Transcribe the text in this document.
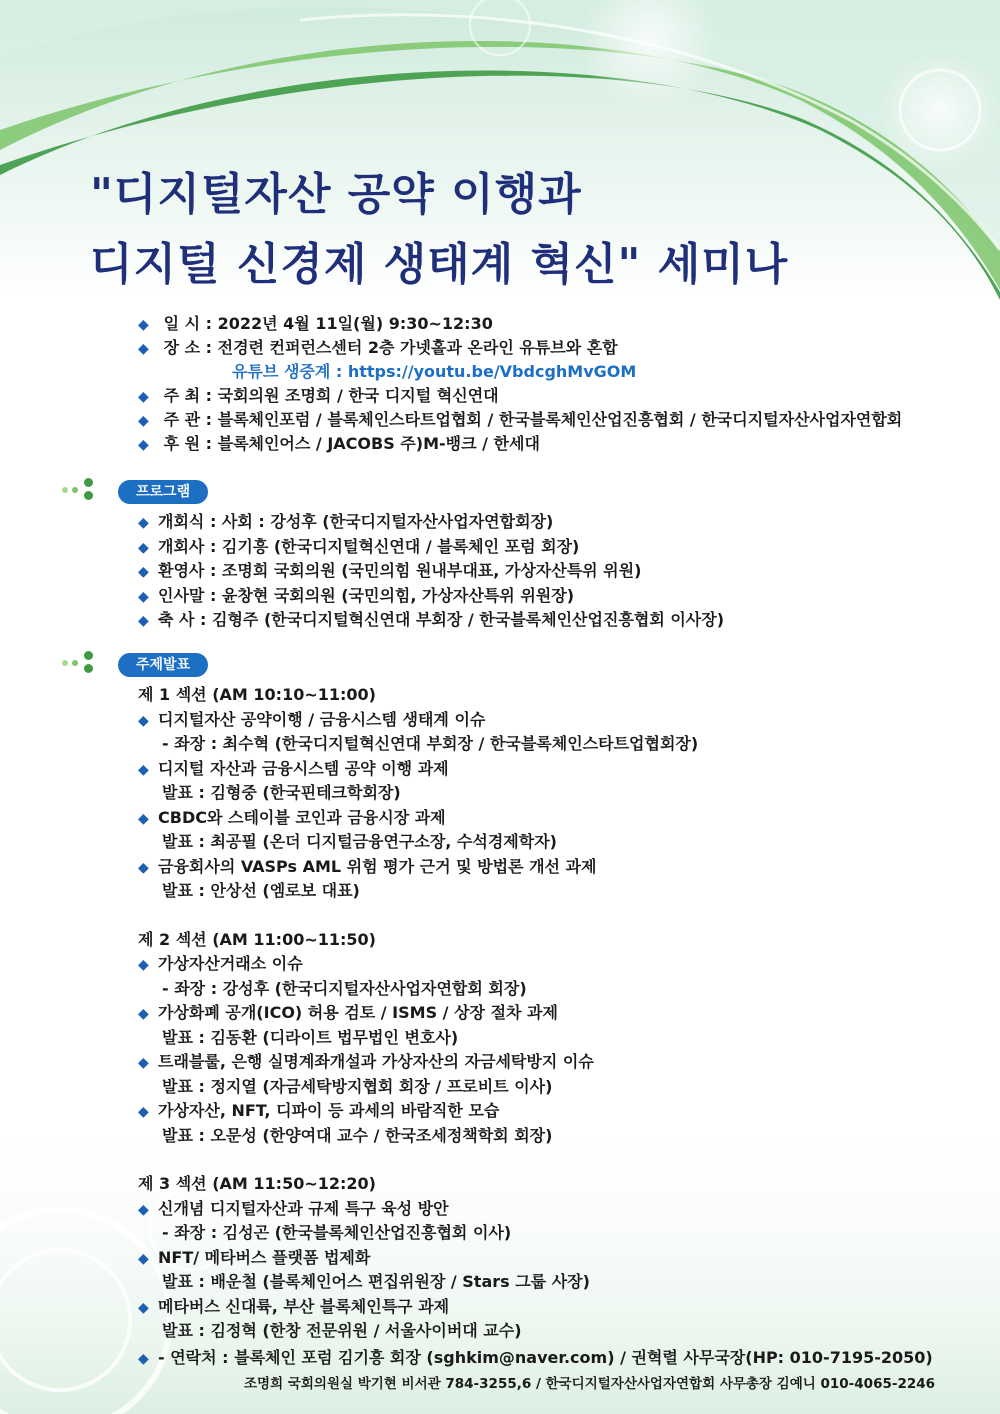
"디지털자산 공약 이행과
디지털 신경제 생태계 혁신" 세미나
◆ 일 시 : 2022년 4월 11일(월) 9:30~12:30
◆ 장 소 : 전경련 컨퍼런스센터 2층 가넷홀과 온라인 유튜브와 혼합
유튜브 생중계 : https://youtu.be/VbdcghMvGOM
◆ 주 최 : 국회의원 조명희 / 한국 디지털 혁신연대
◆ 주 관 : 블록체인포럼 / 블록체인스타트업협회 / 한국블록체인산업진흥협회 / 한국디지털자산사업자연합회
◆ 후 원 : 블록체인어스 / JACOBS 주)M-뱅크 / 한세대
프로그램
◆ 개회식 : 사회 : 강성후 (한국디지털자산사업자연합회장)
◆ 개회사 : 김기흥 (한국디지털혁신연대 / 블록체인 포럼 회장)
◆ 환영사 : 조명희 국회의원 (국민의힘 원내부대표, 가상자산특위 위원)
◆ 인사말 : 윤창현 국회의원 (국민의힘, 가상자산특위 위원장)
◆ 축 사 : 김형주 (한국디지털혁신연대 부회장 / 한국블록체인산업진흥협회 이사장)
주제발표
제 1 섹션 (AM 10:10~11:00)
◆ 디지털자산 공약이행 / 금융시스템 생태계 이슈
- 좌장 : 최수혁 (한국디지털혁신연대 부회장 / 한국블록체인스타트업협회장)
◆ 디지털 자산과 금융시스템 공약 이행 과제
발표 : 김형중 (한국핀테크학회장)
◆ CBDC와 스테이블 코인과 금융시장 과제
발표 : 최공필 (온더 디지털금융연구소장, 수석경제학자)
◆ 금융회사의 VASPs AML 위험 평가 근거 및 방법론 개선 과제
발표 : 안상선 (엠로보 대표)
제 2 섹션 (AM 11:00~11:50)
◆ 가상자산거래소 이슈
- 좌장 : 강성후 (한국디지털자산사업자연합회 회장)
◆ 가상화폐 공개(ICO) 허용 검토 / ISMS / 상장 절차 과제
발표 : 김동환 (디라이트 법무법인 변호사)
◆ 트래블룰, 은행 실명계좌개설과 가상자산의 자금세탁방지 이슈
발표 : 정지열 (자금세탁방지협회 회장 / 프로비트 이사)
◆ 가상자산, NFT, 디파이 등 과세의 바람직한 모습
발표 : 오문성 (한양여대 교수 / 한국조세정책학회 회장)
제 3 섹션 (AM 11:50~12:20)
◆ 신개념 디지털자산과 규제 특구 육성 방안
- 좌장 : 김성곤 (한국블록체인산업진흥협회 이사)
◆ NFT/ 메타버스 플랫폼 법제화
발표 : 배운철 (블록체인어스 편집위원장 / Stars 그룹 사장)
◆ 메타버스 신대륙, 부산 블록체인특구 과제
발표 : 김정혁 (한창 전문위원 / 서울사이버대 교수)
◆ - 연락처 : 블록체인 포럼 김기흥 회장 (sghkim@naver.com) / 권혁렬 사무국장(HP: 010-7195-2050)
조명희 국회의원실 박기현 비서관 784-3255,6 / 한국디지털자산사업자연합회 사무총장 김예니 010-4065-2246
